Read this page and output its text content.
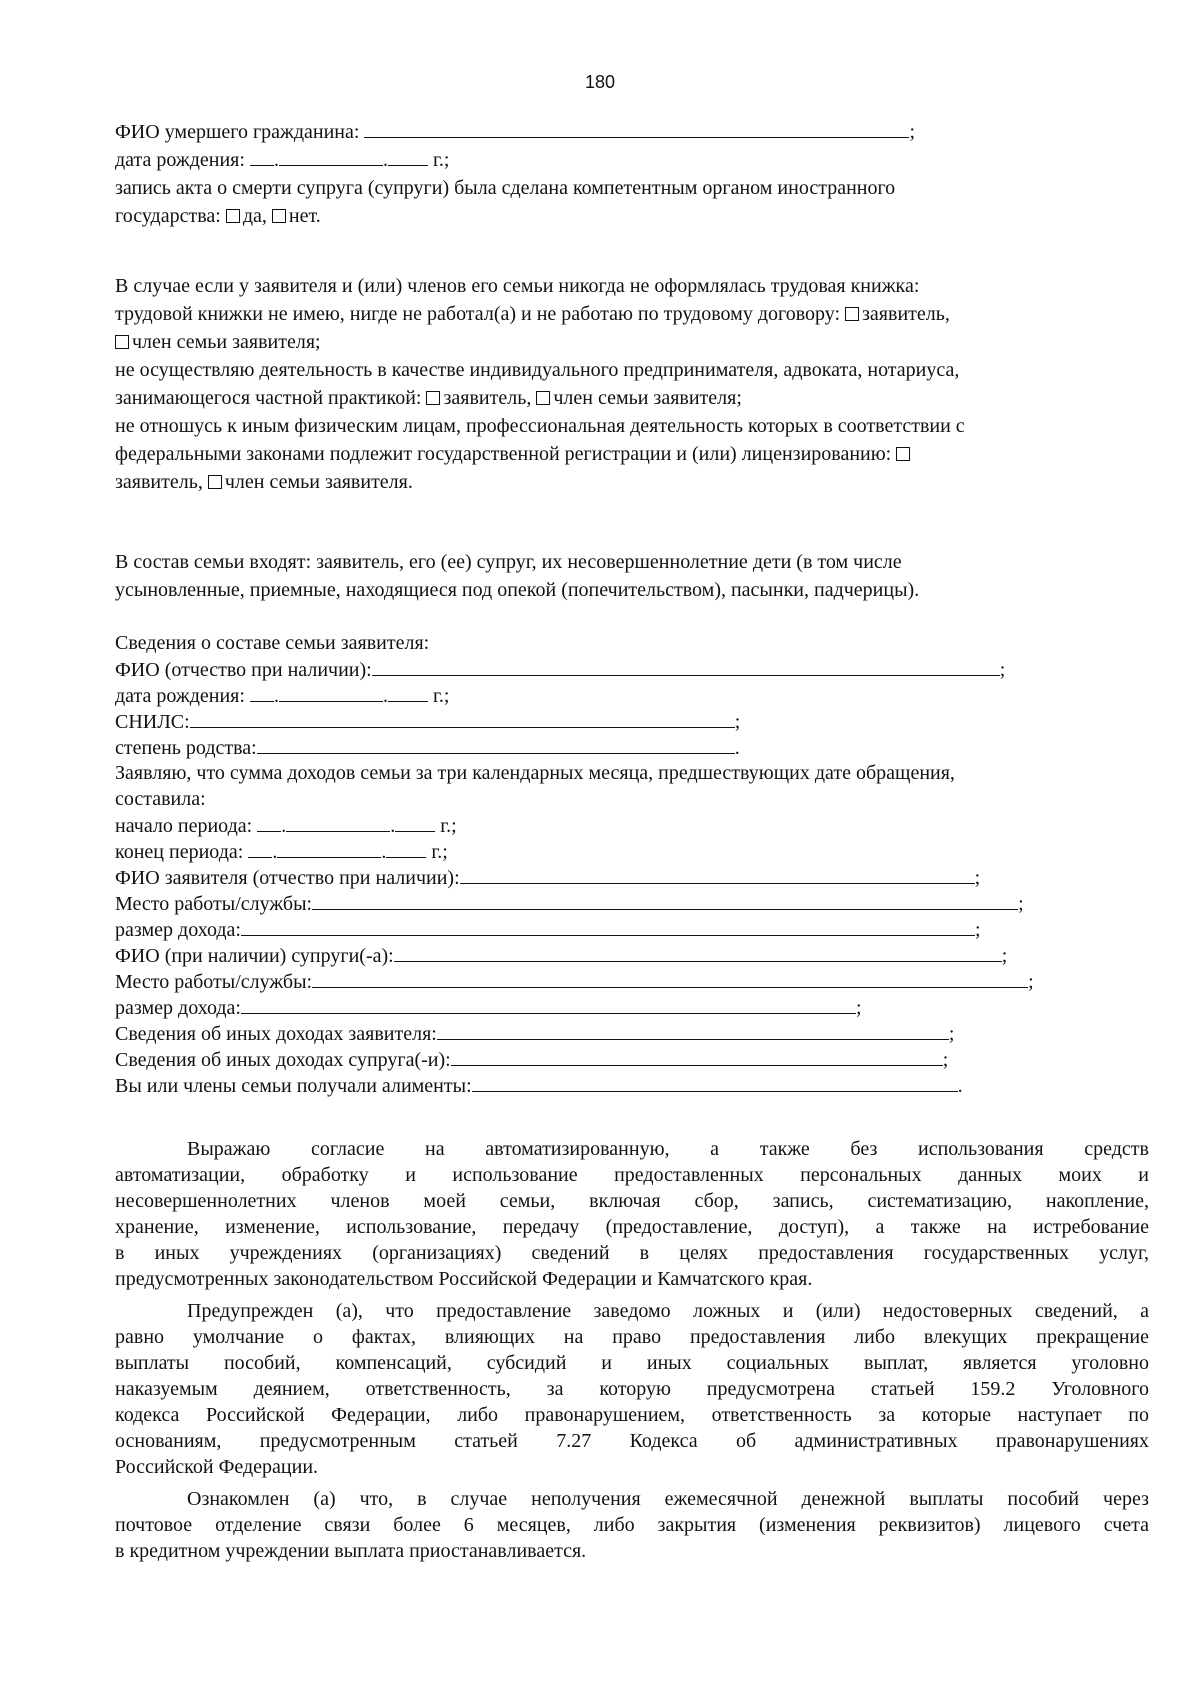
180
ФИО умершего гражданина:	;
дата рождения: .	. г.;
запись акта о смерти супруга (супруги) была сделана компетентным органом иностранного
государства: да, нет.
В случае если у заявителя и (или) членов его семьи никогда не оформлялась трудовая книжка:
трудовой книжки не имею, нигде не работал(а) и не работаю по трудовому договору: заявитель,
член семьи заявителя;
не осуществляю деятельность в качестве индивидуального предпринимателя, адвоката, нотариуса,
занимающегося частной практикой: заявитель, член семьи заявителя;
не отношусь к иным физическим лицам, профессиональная деятельность которых в соответствии с
федеральными законами подлежит государственной регистрации и (или) лицензированию:
заявитель, член семьи заявителя.
В состав семьи входят: заявитель, его (ее) супруг, их несовершеннолетние дети (в том числе
усыновленные, приемные, находящиеся под опекой (попечительством), пасынки, падчерицы).
Сведения о составе семьи заявителя:
ФИО (отчество при наличии):	;
дата рождения: .	. г.;
СНИЛС:	;
степень родства:	.
Заявляю, что сумма доходов семьи за три календарных месяца, предшествующих дате обращения,
составила:
начало периода: .	. г.;
конец периода: .	. г.;
ФИО заявителя (отчество при наличии):	;
Место работы/службы:	;
размер дохода:	;
ФИО (при наличии) супруги(-а):	;
Место работы/службы:	;
размер дохода:	;
Сведения об иных доходах заявителя:	;
Сведения об иных доходах супруга(-и):	;
Вы или члены семьи получали алименты:	.
Выражаю согласие на автоматизированную, а также без использования средств
автоматизации, обработку и использование предоставленных персональных данных моих и
несовершеннолетних членов моей семьи, включая сбор, запись, систематизацию, накопление,
хранение, изменение, использование, передачу (предоставление, доступ), а также на истребование
в иных учреждениях (организациях) сведений в целях предоставления государственных услуг,
предусмотренных законодательством Российской Федерации и Камчатского края.
Предупрежден (а), что предоставление заведомо ложных и (или) недостоверных сведений, а
равно умолчание о фактах, влияющих на право предоставления либо влекущих прекращение
выплаты пособий, компенсаций, субсидий и иных социальных выплат, является уголовно
наказуемым деянием, ответственность, за которую предусмотрена статьей 159.2 Уголовного
кодекса Российской Федерации, либо правонарушением, ответственность за которые наступает по
основаниям, предусмотренным статьей 7.27 Кодекса об административных правонарушениях
Российской Федерации.
Ознакомлен (а) что, в случае неполучения ежемесячной денежной выплаты пособий через
почтовое отделение связи более 6 месяцев, либо закрытия (изменения реквизитов) лицевого счета
в кредитном учреждении выплата приостанавливается.
